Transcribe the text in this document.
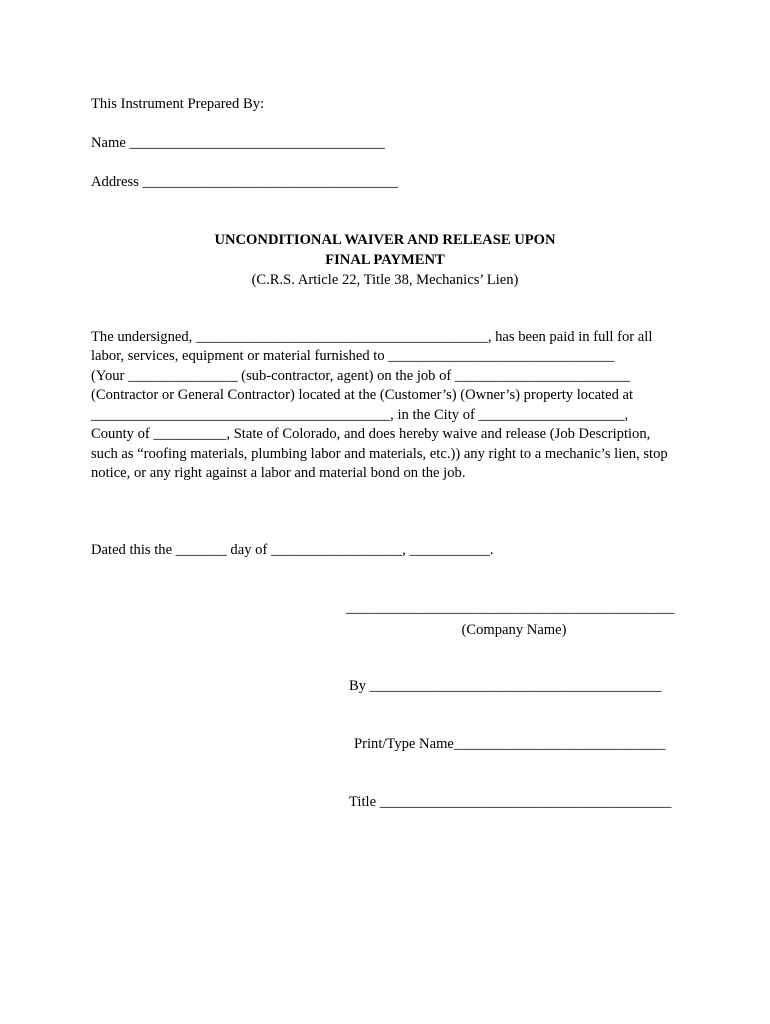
This Instrument Prepared By:
Name ___________________________________
Address ___________________________________
UNCONDITIONAL WAIVER AND RELEASE UPON
FINAL PAYMENT
(C.R.S. Article 22, Title 38, Mechanics’ Lien)
The undersigned, ________________________________________, has been paid in full for all
labor, services, equipment or material furnished to _______________________________
(Your _______________ (sub-contractor, agent) on the job of ________________________
(Contractor or General Contractor) located at the (Customer’s) (Owner’s) property located at
_________________________________________, in the City of ____________________,
County of __________, State of Colorado, and does hereby waive and release (Job Description,
such as “roofing materials, plumbing labor and materials, etc.)) any right to a mechanic’s lien, stop
notice, or any right against a labor and material bond on the job.
Dated this the _______ day of __________________, ___________.
_____________________________________________
(Company Name)
By ________________________________________
Print/Type Name_____________________________
Title ________________________________________
